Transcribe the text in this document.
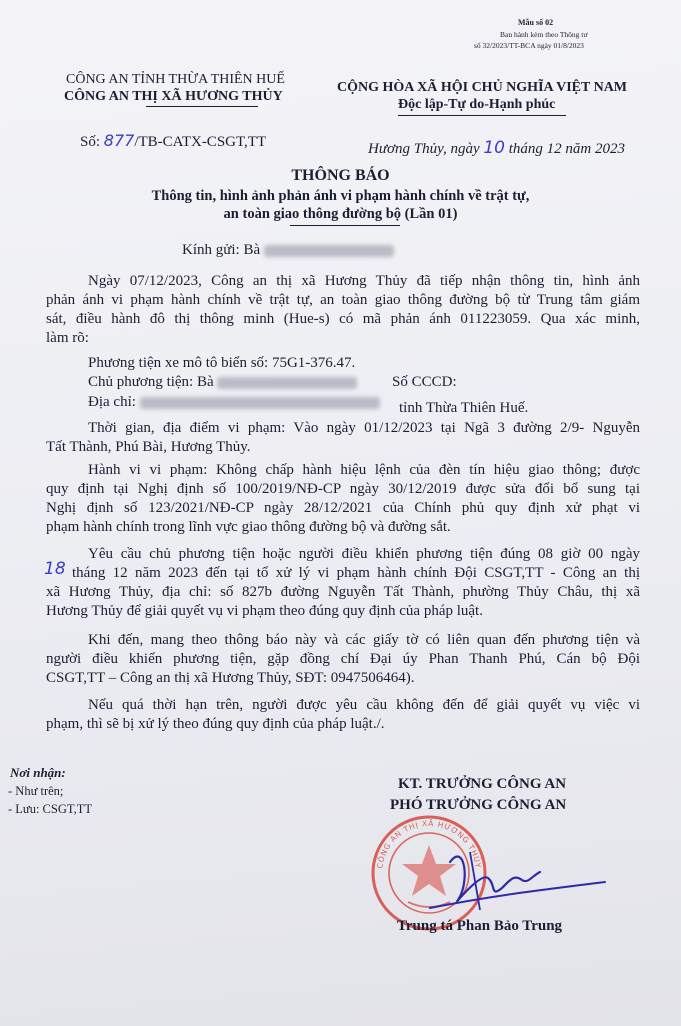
Mẫu số 02
Ban hành kèm theo Thông tư
số 32/2023/TT-BCA ngày 01/8/2023
CÔNG AN TỈNH THỪA THIÊN HUẾ
CÔNG AN THỊ XÃ HƯƠNG THỦY
CỘNG HÒA XÃ HỘI CHỦ NGHĨA VIỆT NAM
Độc lập-Tự do-Hạnh phúc
Số: 877/TB-CATX-CSGT,TT	Hương Thủy, ngày 10 tháng 12 năm 2023
THÔNG BÁO
Thông tin, hình ảnh phản ánh vi phạm hành chính về trật tự,
an toàn giao thông đường bộ (Lần 01)
Kính gửi: Bà
Ngày 07/12/2023, Công an thị xã Hương Thủy đã tiếp nhận thông tin, hình ảnh
phản ánh vi phạm hành chính về trật tự, an toàn giao thông đường bộ từ Trung tâm giám
sát, điều hành đô thị thông minh (Hue-s) có mã phản ánh 011223059. Qua xác minh,
làm rõ:
Phương tiện xe mô tô biển số: 75G1-376.47.
Chủ phương tiện: Bà	Số CCCD:
Địa chỉ:	tỉnh Thừa Thiên Huế.
Thời gian, địa điểm vi phạm: Vào ngày 01/12/2023 tại Ngã 3 đường 2/9- Nguyễn
Tất Thành, Phú Bài, Hương Thủy.
Hành vi vi phạm: Không chấp hành hiệu lệnh của đèn tín hiệu giao thông; được
quy định tại Nghị định số 100/2019/NĐ-CP ngày 30/12/2019 được sửa đổi bổ sung tại
Nghị định số 123/2021/NĐ-CP ngày 28/12/2021 của Chính phủ quy định xử phạt vi
phạm hành chính trong lĩnh vực giao thông đường bộ và đường sắt.
Yêu cầu chủ phương tiện hoặc người điều khiển phương tiện đúng 08 giờ 00 ngày
18 tháng 12 năm 2023 đến tại tổ xử lý vi phạm hành chính Đội CSGT,TT - Công an thị
xã Hương Thủy, địa chỉ: số 827b đường Nguyễn Tất Thành, phường Thủy Châu, thị xã
Hương Thủy để giải quyết vụ vi phạm theo đúng quy định của pháp luật.
Khi đến, mang theo thông báo này và các giấy tờ có liên quan đến phương tiện và
người điều khiển phương tiện, gặp đồng chí Đại úy Phan Thanh Phú, Cán bộ Đội
CSGT,TT – Công an thị xã Hương Thủy, SĐT: 0947506464).
Nếu quá thời hạn trên, người được yêu cầu không đến để giải quyết vụ việc vi
phạm, thì sẽ bị xử lý theo đúng quy định của pháp luật./.
Nơi nhận:
- Như trên;
- Lưu: CSGT,TT
KT. TRƯỞNG CÔNG AN
PHÓ TRƯỞNG CÔNG AN
CÔNG AN THỊ XÃ HƯƠNG THỦY
Trung tá Phan Bảo Trung
